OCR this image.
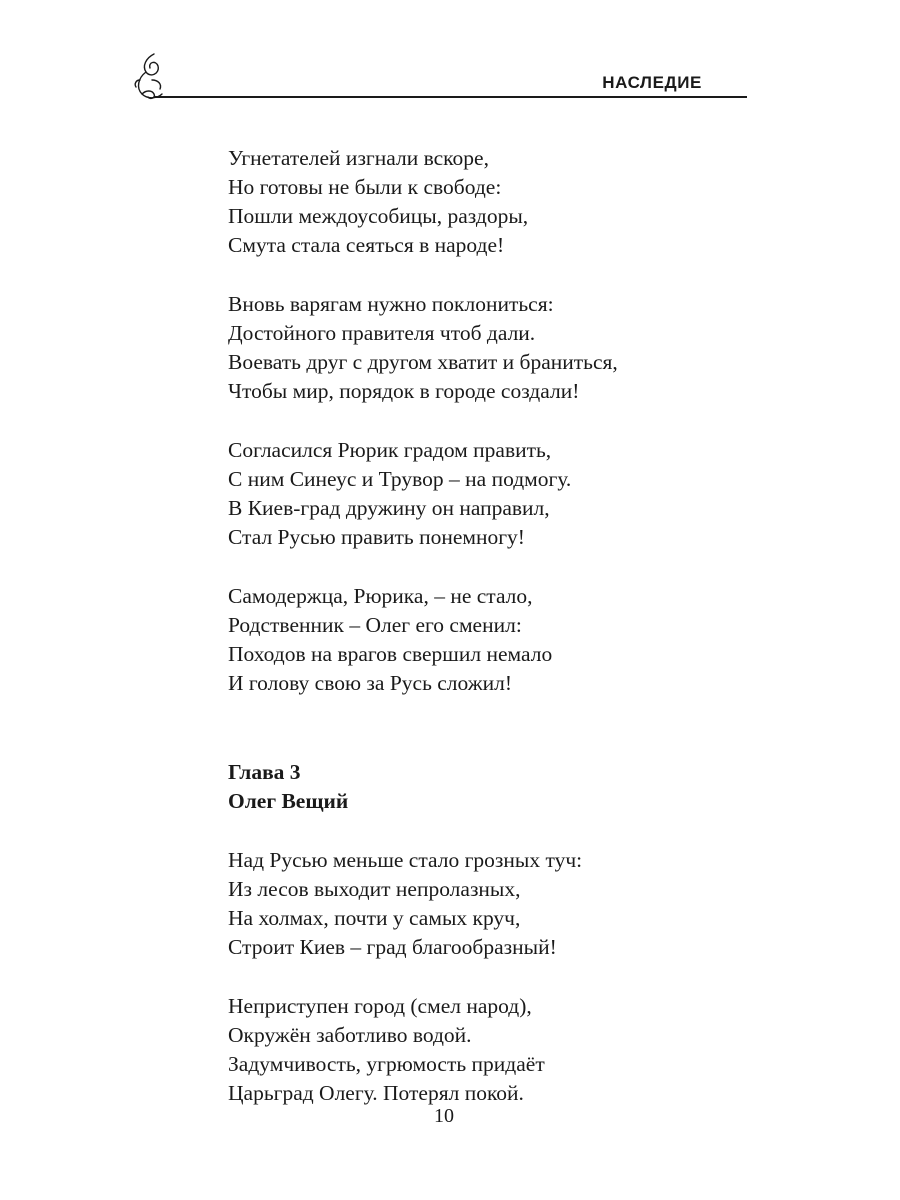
НАСЛЕДИЕ
Угнетателей изгнали вскоре,
Но готовы не были к свободе:
Пошли междоусобицы, раздоры,
Смута стала сеяться в народе!
Вновь варягам нужно поклониться:
Достойного правителя чтоб дали.
Воевать друг с другом хватит и браниться,
Чтобы мир, порядок в городе создали!
Согласился Рюрик градом править,
С ним Синеус и Трувор – на подмогу.
В Киев-град дружину он направил,
Стал Русью править понемногу!
Самодержца, Рюрика, – не стало,
Родственник – Олег его сменил:
Походов на врагов свершил немало
И голову свою за Русь сложил!
Глава 3
Олег Вещий
Над Русью меньше стало грозных туч:
Из лесов выходит непролазных,
На холмах, почти у самых круч,
Строит Киев – град благообразный!
Неприступен город (смел народ),
Окружён заботливо водой.
Задумчивость, угрюмость придаёт
Царьград Олегу. Потерял покой.
10
